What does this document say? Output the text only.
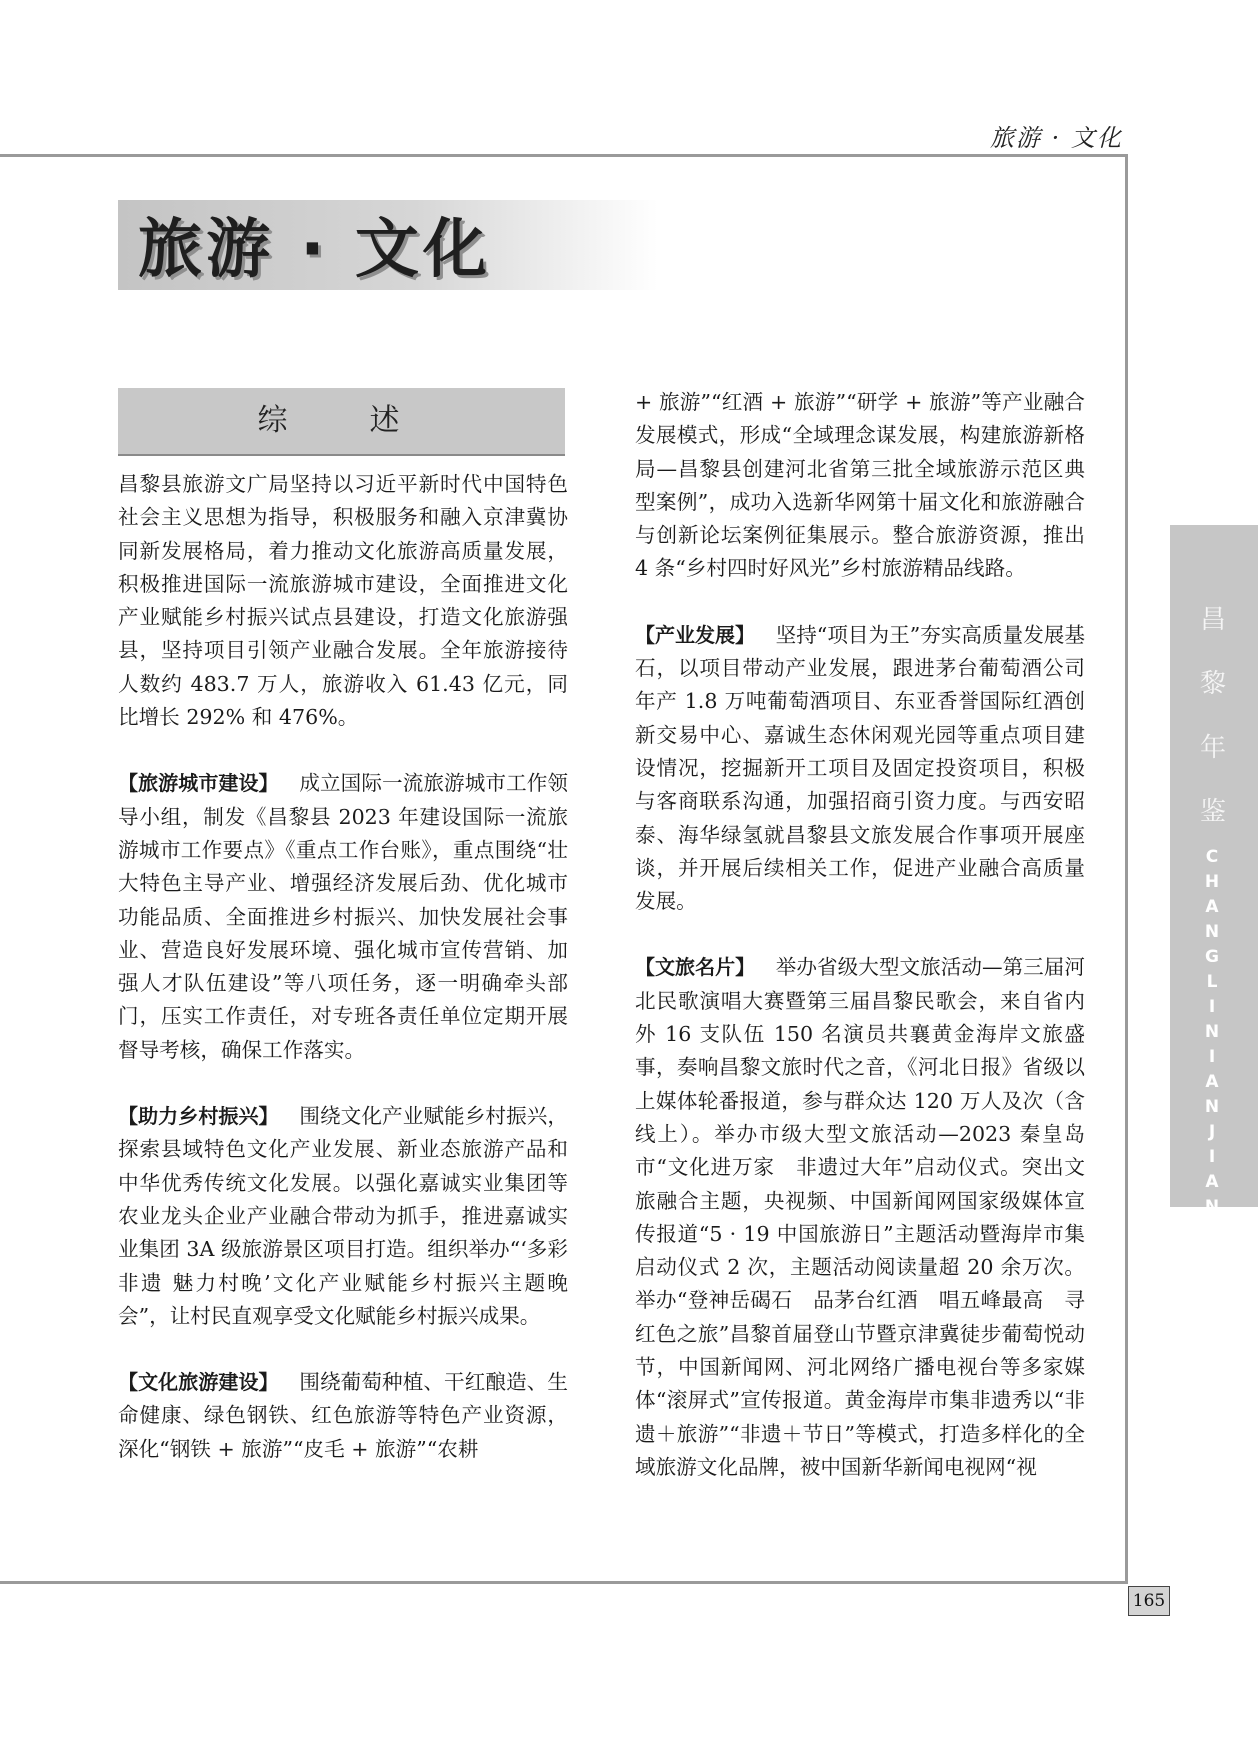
旅游 · 文化
旅游 · 文化
综　述

昌黎县旅游文广局坚持以习近平新时代中国特色社会主义思想为指导，积极服务和融入京津冀协同新发展格局，着力推动文化旅游高质量发展，积极推进国际一流旅游城市建设，全面推进文化产业赋能乡村振兴试点县建设，打造文化旅游强县，坚持项目引领产业融合发展。全年旅游接待人数约 483.7 万人，旅游收入 61.43 亿元，同比增长 292% 和 476%。

【旅游城市建设】  成立国际一流旅游城市工作领导小组，制发《昌黎县 2023 年建设国际一流旅游城市工作要点》《重点工作台账》，重点围绕“壮大特色主导产业、增强经济发展后劲、优化城市功能品质、全面推进乡村振兴、加快发展社会事业、营造良好发展环境、强化城市宣传营销、加强人才队伍建设”等八项任务，逐一明确牵头部门，压实工作责任，对专班各责任单位定期开展督导考核，确保工作落实。

【助力乡村振兴】  围绕文化产业赋能乡村振兴，探索县域特色文化产业发展、新业态旅游产品和中华优秀传统文化发展。以强化嘉诚实业集团等农业龙头企业产业融合带动为抓手，推进嘉诚实业集团 3A 级旅游景区项目打造。组织举办“‘多彩非遗 魅力村晚’文化产业赋能乡村振兴主题晚会”，让村民直观享受文化赋能乡村振兴成果。

【文化旅游建设】  围绕葡萄种植、干红酿造、生命健康、绿色钢铁、红色旅游等特色产业资源，深化“钢铁 + 旅游”“皮毛 + 旅游”“农耕

+ 旅游”“红酒 + 旅游”“研学 + 旅游”等产业融合发展模式，形成“全域理念谋发展，构建旅游新格局—昌黎县创建河北省第三批全域旅游示范区典型案例”，成功入选新华网第十届文化和旅游融合与创新论坛案例征集展示。整合旅游资源，推出 4 条“乡村四时好风光”乡村旅游精品线路。

【产业发展】  坚持“项目为王”夯实高质量发展基石，以项目带动产业发展，跟进茅台葡萄酒公司年产 1.8 万吨葡萄酒项目、东亚香誉国际红酒创新交易中心、嘉诚生态休闲观光园等重点项目建设情况，挖掘新开工项目及固定投资项目，积极与客商联系沟通，加强招商引资力度。与西安昭泰、海华绿氢就昌黎县文旅发展合作事项开展座谈，并开展后续相关工作，促进产业融合高质量发展。

【文旅名片】  举办省级大型文旅活动—第三届河北民歌演唱大赛暨第三届昌黎民歌会，来自省内外 16 支队伍 150 名演员共襄黄金海岸文旅盛事，奏响昌黎文旅时代之音，《河北日报》省级以上媒体轮番报道，参与群众达 120 万人及次（含线上）。举办市级大型文旅活动—2023 秦皇岛市“文化进万家　非遗过大年”启动仪式。突出文旅融合主题，央视频、中国新闻网国家级媒体宣传报道“5 · 19 中国旅游日”主题活动暨海岸市集启动仪式 2 次，主题活动阅读量超 20 余万次。举办“登神岳碣石　品茅台红酒　唱五峰最高　寻红色之旅”昌黎首届登山节暨京津冀徒步葡萄悦动节，中国新闻网、河北网络广播电视台等多家媒体“滚屏式”宣传报道。黄金海岸市集非遗秀以“非遗＋旅游”“非遗＋节日”等模式，打造多样化的全域旅游文化品牌，被中国新华新闻电视网“视

昌
黎
年
鉴
C
H
A
N
G
L
I
N
I
A
N
J
I
A
N
165
